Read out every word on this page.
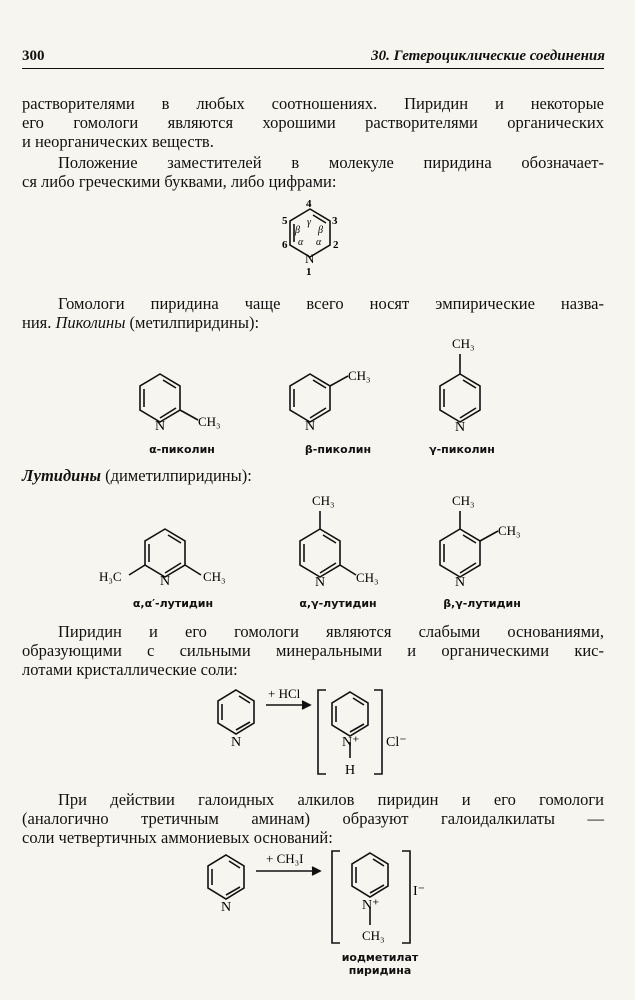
300	30. Гетероциклические соединения
растворителями в любых соотношениях. Пиридин и некоторые
его гомологи являются хорошими растворителями органических
и неорганических веществ.
Положение заместителей в молекуле пиридина обозначает-
ся либо греческими буквами, либо цифрами:
4
5	3
6	2
1
N
γ
β β
α α
Гомологи пиридина чаще всего носят эмпирические назва-
ния. Пиколины (метилпиридины):
N	CH₃
α-пиколин
N
CH₃
β-пиколин
N
CH₃
γ-пиколин
Лутидины (диметилпиридины):
N
H₃C	CH₃
α,α′-лутидин
N
CH₃
CH₃
α,γ-лутидин
N
CH₃
CH₃
β,γ-лутидин
Пиридин и его гомологи являются слабыми основаниями,
образующими с сильными минеральными и органическими кис-
лотами кристаллические соли:
N
+ HCl
N⁺
H
Cl⁻
При действии галоидных алкилов пиридин и его гомологи
(аналогично третичным аминам) образуют галоидалкилаты —
соли четвертичных аммониевых оснований:
N
+ CH₃I
N⁺
CH₃
I⁻
иодметилат
пиридина
